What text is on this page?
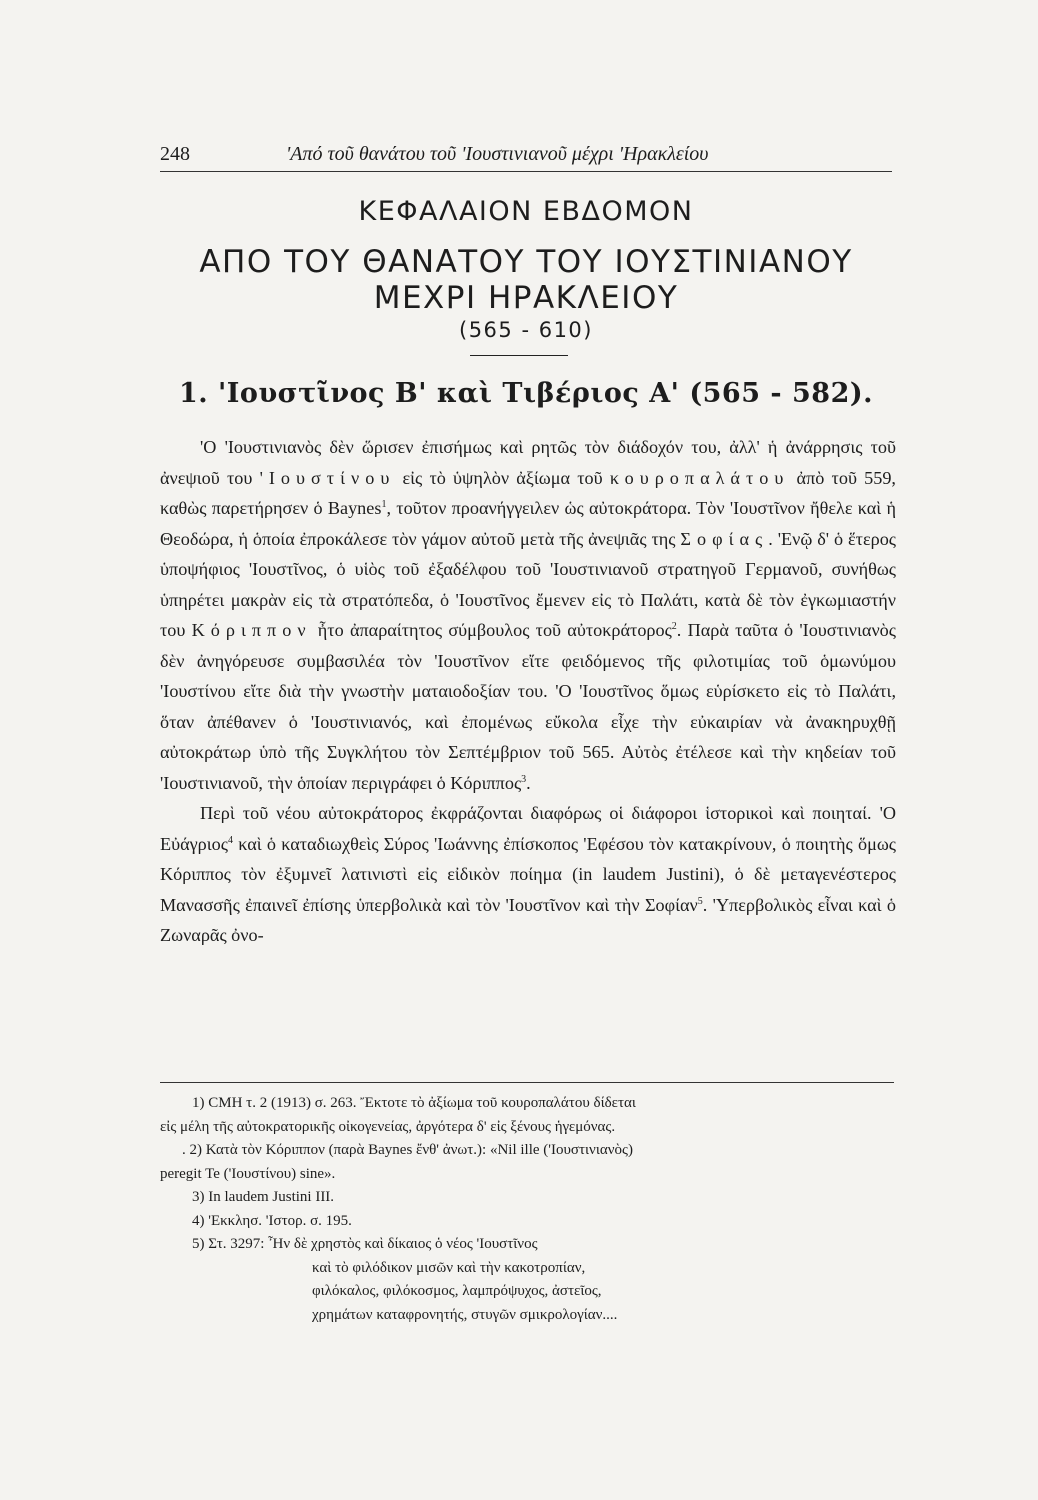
248	'Από τοῦ θανάτου τοῦ 'Ιουστινιανοῦ μέχρι 'Ηρακλείου
ΚΕΦΑΛΑΙΟΝ ΕΒΔΟΜΟΝ
ΑΠΟ ΤΟΥ ΘΑΝΑΤΟΥ ΤΟΥ ΙΟΥΣΤΙΝΙΑΝΟΥ
ΜΕΧΡΙ ΗΡΑΚΛΕΙΟΥ
(565 - 610)
1. 'Ιουστῖνος Β' καὶ Τιβέριος Α' (565 - 582).

'Ο 'Ιουστινιανὸς δὲν ὥρισεν ἐπισήμως καὶ ρητῶς τὸν διάδοχόν του, ἀλλ' ἡ ἀνάρρησις τοῦ ἀνεψιοῦ του 'Ιουστίνου εἰς τὸ ὑψηλὸν ἀξίωμα τοῦ κουροπαλάτου ἀπὸ τοῦ 559, καθὼς παρετήρησεν ὁ Baynes$^1$, τοῦτον προανήγγειλεν ὡς αὐτοκράτορα. Τὸν 'Ιουστῖνον ἤθελε καὶ ἡ Θεοδώρα, ἡ ὁποία ἐπροκάλεσε τὸν γάμον αὐτοῦ μετὰ τῆς ἀνεψιᾶς της Σοφίας. 'Ενῷ δ' ὁ ἕτερος ὑποψήφιος 'Ιουστῖνος, ὁ υἱὸς τοῦ ἐξαδέλφου τοῦ 'Ιουστινιανοῦ στρατηγοῦ Γερμανοῦ, συνήθως ὑπηρέτει μακρὰν εἰς τὰ στρατόπεδα, ὁ 'Ιουστῖνος ἔμενεν εἰς τὸ Παλάτι, κατὰ δὲ τὸν ἐγκωμιαστήν του Κόριππον ἦτο ἀπαραίτητος σύμβουλος τοῦ αὐτοκράτορος$^2$. Παρὰ ταῦτα ὁ 'Ιουστινιανὸς δὲν ἀνηγόρευσε συμβασιλέα τὸν 'Ιουστῖνον εἴτε φειδόμενος τῆς φιλοτιμίας τοῦ ὁμωνύμου 'Ιουστίνου εἴτε διὰ τὴν γνωστὴν ματαιοδοξίαν του. 'Ο 'Ιουστῖνος ὅμως εὑρίσκετο εἰς τὸ Παλάτι, ὅταν ἀπέθανεν ὁ 'Ιουστινιανός, καὶ ἐπομένως εὔκολα εἶχε τὴν εὐκαιρίαν νὰ ἀνακηρυχθῇ αὐτοκράτωρ ὑπὸ τῆς Συγκλήτου τὸν Σεπτέμβριον τοῦ 565. Αὐτὸς ἐτέλεσε καὶ τὴν κηδείαν τοῦ 'Ιουστινιανοῦ, τὴν ὁποίαν περιγράφει ὁ Κόριππος$^3$.

Περὶ τοῦ νέου αὐτοκράτορος ἐκφράζονται διαφόρως οἱ διάφοροι ἱστορικοὶ καὶ ποιηταί. 'Ο Εὐάγριος$^4$ καὶ ὁ καταδιωχθεὶς Σύρος 'Ιωάννης ἐπίσκοπος 'Εφέσου τὸν κατακρίνουν, ὁ ποιητὴς ὅμως Κόριππος τὸν ἐξυμνεῖ λατινιστὶ εἰς εἰδικὸν ποίημα (in laudem Justini), ὁ δὲ μεταγενέστερος Μανασσῆς ἐπαινεῖ ἐπίσης ὑπερβολικὰ καὶ τὸν 'Ιουστῖνον καὶ τὴν Σοφίαν$^5$. 'Υπερβολικὸς εἶναι καὶ ὁ Ζωναρᾶς ὀνο-

1) CMH τ. 2 (1913) σ. 263. Ἔκτοτε τὸ ἀξίωμα τοῦ κουροπαλάτου δίδεται
εἰς μέλη τῆς αὐτοκρατορικῆς οἰκογενείας, ἀργότερα δ' εἰς ξένους ἡγεμόνας.
. 2) Κατὰ τὸν Κόριππον (παρὰ Baynes ἔνθ' ἀνωτ.): «Nil ille ('Ιουστινιανὸς)
peregit Te ('Ιουστίνου) sine».
3) In laudem Justini III.
4) 'Εκκλησ. 'Ιστορ. σ. 195.
5) Στ. 3297: Ἦν δὲ χρηστὸς καὶ δίκαιος ὁ νέος 'Ιουστῖνος
καὶ τὸ φιλόδικον μισῶν καὶ τὴν κακοτροπίαν,
φιλόκαλος, φιλόκοσμος, λαμπρόψυχος, ἀστεῖος,
χρημάτων καταφρονητής, στυγῶν σμικρολογίαν....
